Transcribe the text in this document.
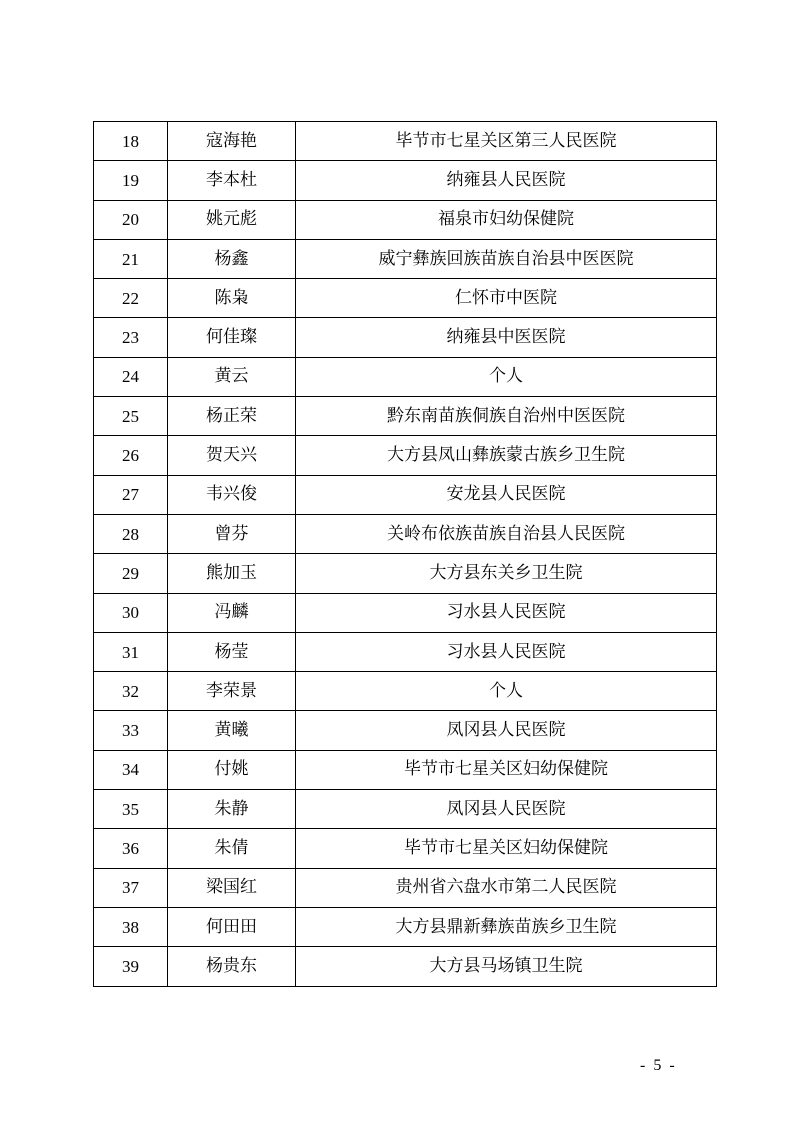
18	寇海艳	毕节市七星关区第三人民医院
19	李本杜	纳雍县人民医院
20	姚元彪	福泉市妇幼保健院
21	杨鑫	威宁彝族回族苗族自治县中医医院
22	陈枭	仁怀市中医院
23	何佳璨	纳雍县中医医院
24	黄云	个人
25	杨正荣	黔东南苗族侗族自治州中医医院
26	贺天兴	大方县凤山彝族蒙古族乡卫生院
27	韦兴俊	安龙县人民医院
28	曾芬	关岭布依族苗族自治县人民医院
29	熊加玉	大方县东关乡卫生院
30	冯麟	习水县人民医院
31	杨莹	习水县人民医院
32	李荣景	个人
33	黄曦	凤冈县人民医院
34	付姚	毕节市七星关区妇幼保健院
35	朱静	凤冈县人民医院
36	朱倩	毕节市七星关区妇幼保健院
37	梁国红	贵州省六盘水市第二人民医院
38	何田田	大方县鼎新彝族苗族乡卫生院
39	杨贵东	大方县马场镇卫生院
- 5 -
